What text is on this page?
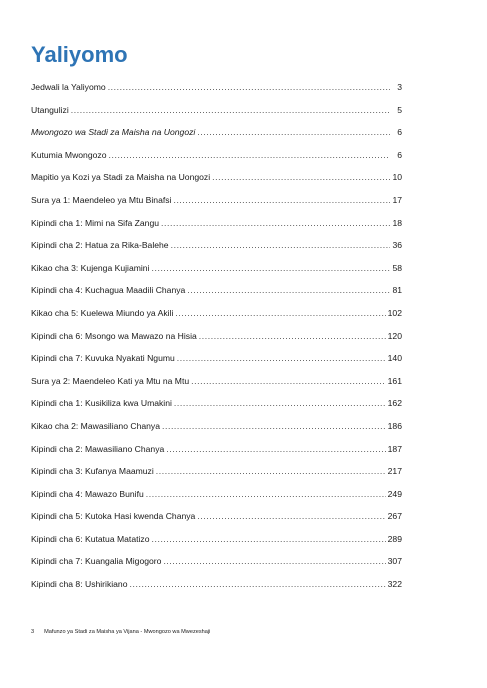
Yaliyomo
Jedwali la Yaliyomo .....	3
Utangulizi .....	5
Mwongozo wa Stadi za Maisha na Uongozi .....	6
Kutumia Mwongozo .....	6
Mapitio ya Kozi ya Stadi za Maisha na Uongozi .....	10
Sura ya 1: Maendeleo ya Mtu Binafsi .....	17
Kipindi cha 1: Mimi na Sifa Zangu .....	18
Kipindi cha 2: Hatua za Rika-Balehe .....	36
Kikao cha 3: Kujenga Kujiamini .....	58
Kipindi cha 4: Kuchagua Maadili Chanya .....	81
Kikao cha 5: Kuelewa Miundo ya Akili .....	102
Kipindi cha 6: Msongo wa Mawazo na Hisia .....	120
Kipindi cha 7: Kuvuka Nyakati Ngumu .....	140
Sura ya 2: Maendeleo Kati ya Mtu na Mtu .....	161
Kipindi cha 1: Kusikiliza kwa Umakini .....	162
Kikao cha 2: Mawasiliano Chanya .....	186
Kipindi cha 2: Mawasiliano Chanya .....	187
Kipindi cha 3: Kufanya Maamuzi .....	217
Kipindi cha 4: Mawazo Bunifu .....	249
Kipindi cha 5: Kutoka Hasi kwenda Chanya .....	267
Kipindi cha 6: Kutatua Matatizo .....	289
Kipindi cha 7: Kuangalia Migogoro .....	307
Kipindi cha 8: Ushirikiano .....	322
3 Mafunzo ya Stadi za Maisha ya Vijana - Mwongozo wa Mwezeshaji
